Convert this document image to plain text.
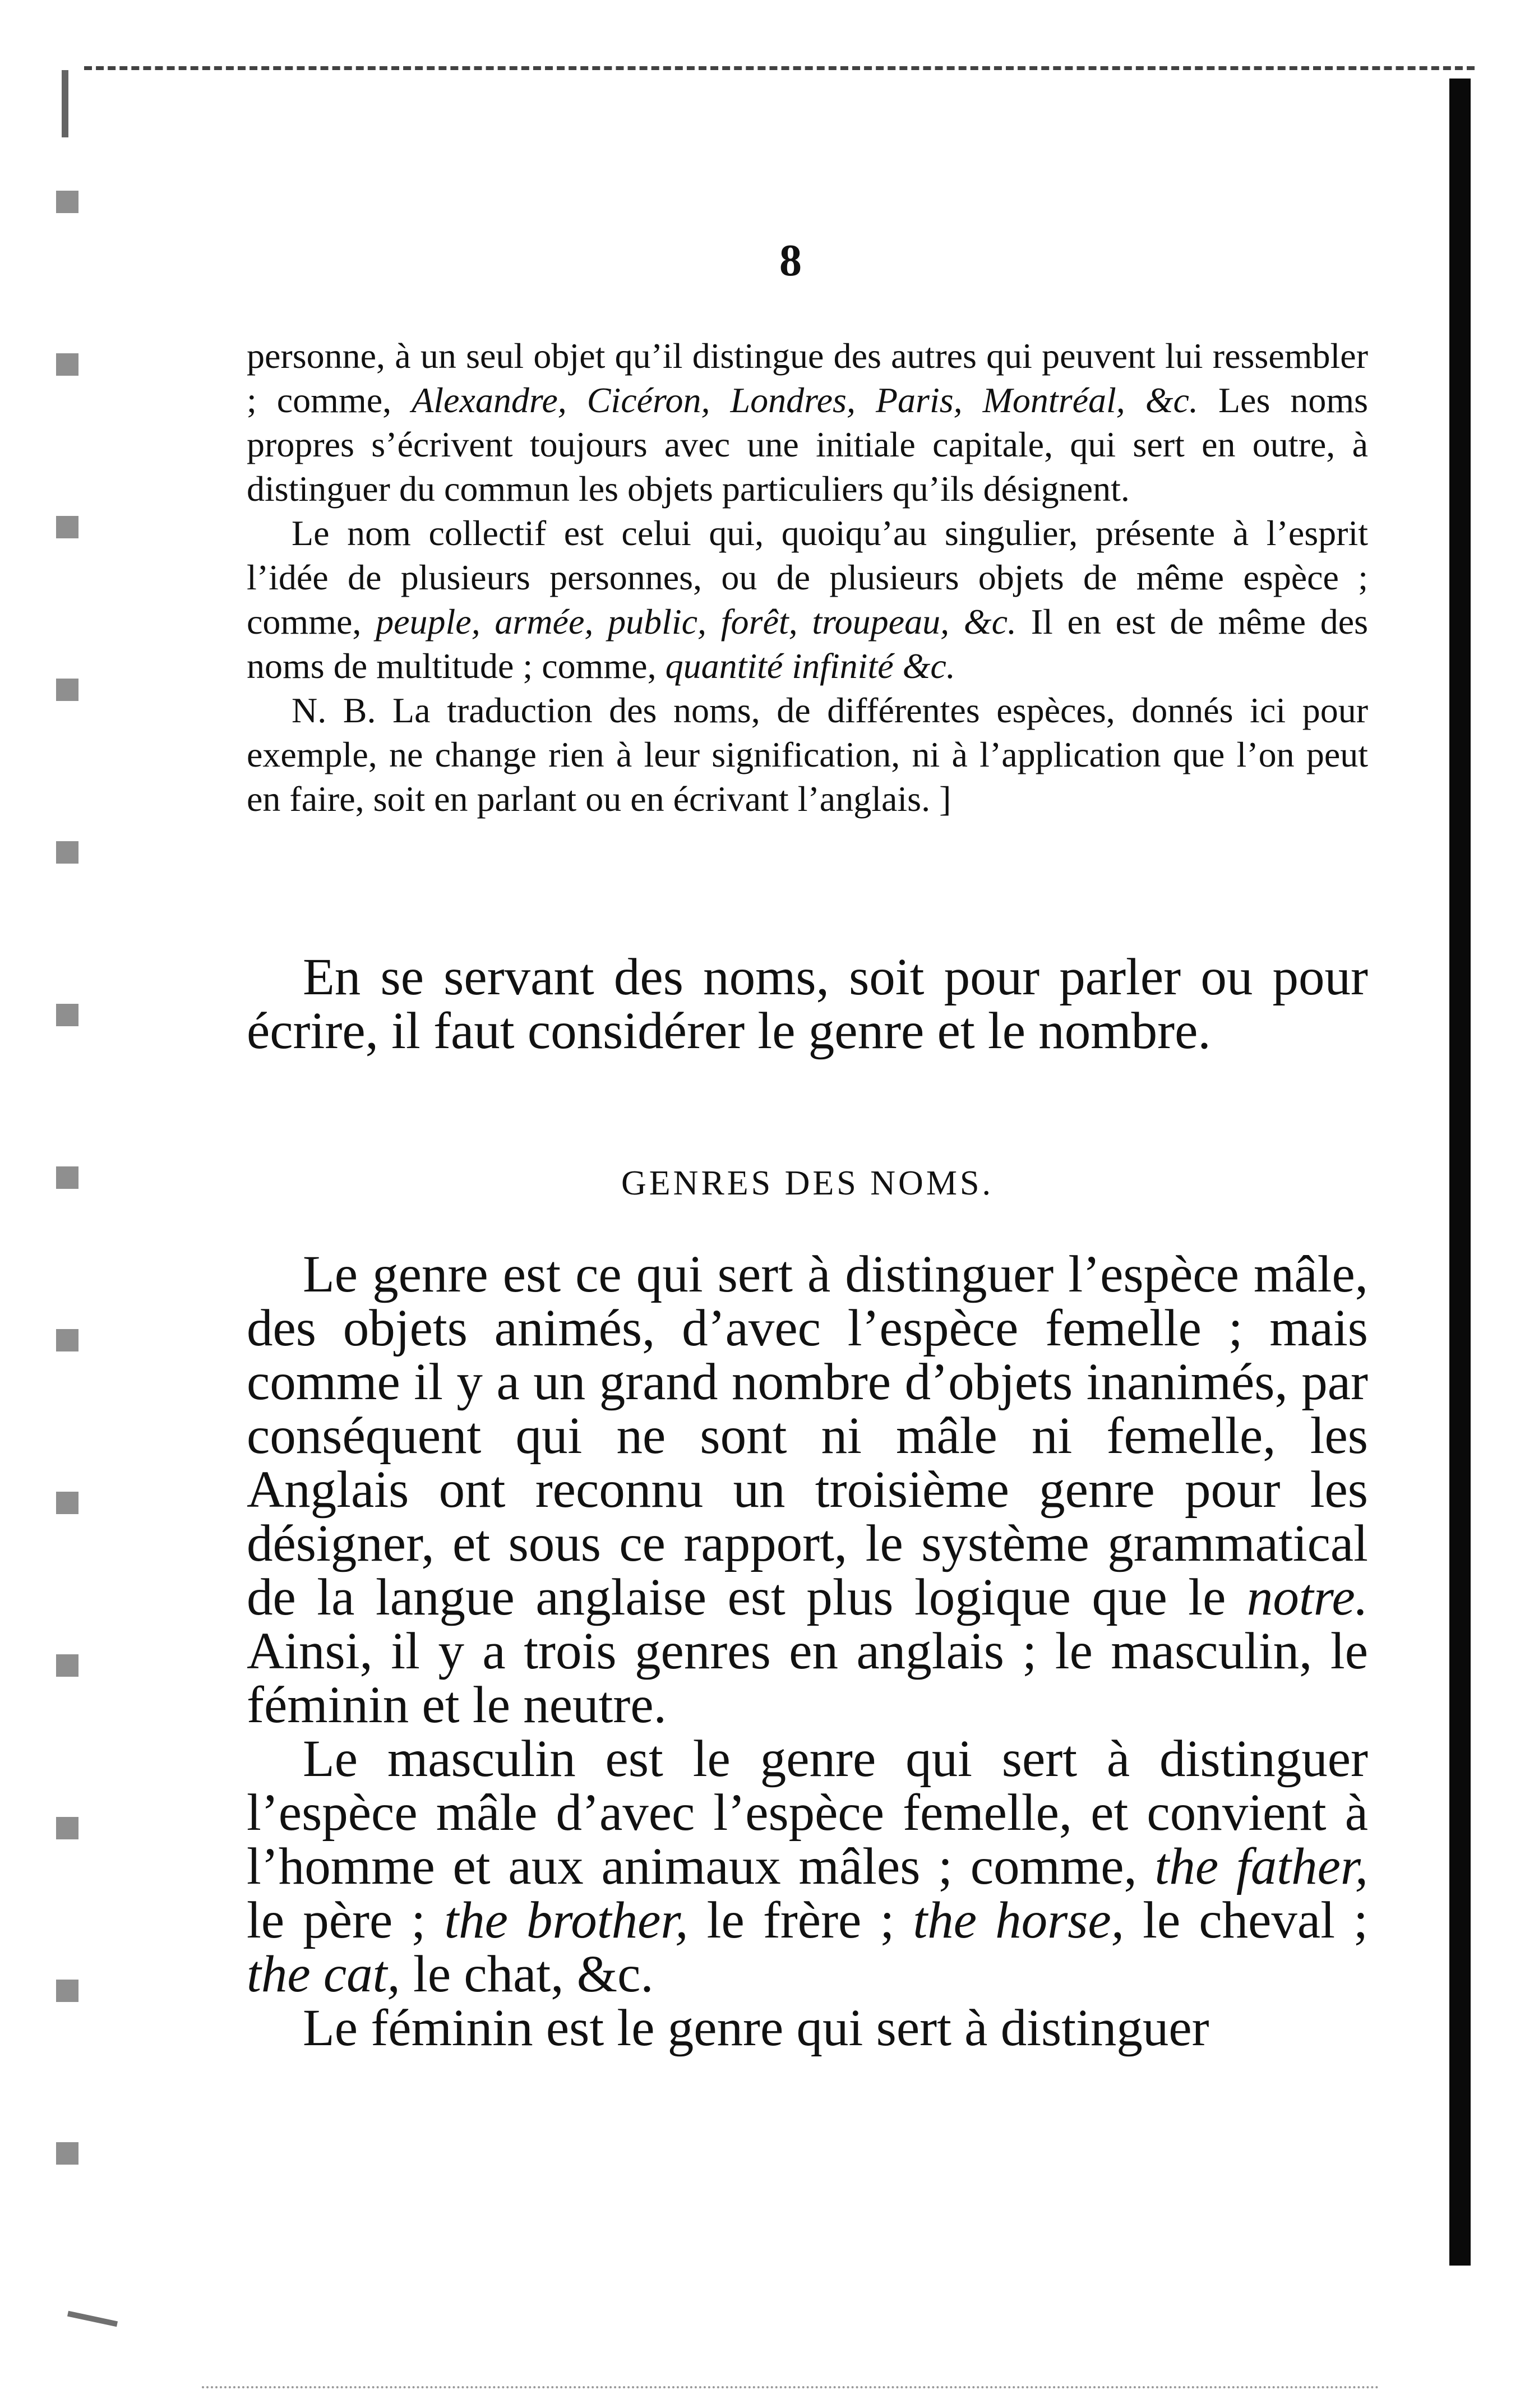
8

personne, à un seul objet qu’il distingue des autres qui peuvent lui ressembler ; comme, Alexandre, Cicéron, Londres, Paris, Montréal, &c. Les noms propres s’écrivent toujours avec une initiale capitale, qui sert en outre, à distinguer du commun les objets particuliers qu’ils désignent.

Le nom collectif est celui qui, quoiqu’au singulier, présente à l’esprit l’idée de plusieurs personnes, ou de plusieurs objets de même espèce ; comme, peuple, armée, public, forêt, troupeau, &c. Il en est de même des noms de multitude ; comme, quantité infinité &c.

N. B. La traduction des noms, de différentes espèces, donnés ici pour exemple, ne change rien à leur signification, ni à l’application que l’on peut en faire, soit en parlant ou en écrivant l’anglais. ]

En se servant des noms, soit pour parler ou pour écrire, il faut considérer le genre et le nombre.

GENRES DES NOMS.

Le genre est ce qui sert à distinguer l’espèce mâle, des objets animés, d’avec l’espèce femelle ; mais comme il y a un grand nombre d’objets inanimés, par conséquent qui ne sont ni mâle ni femelle, les Anglais ont reconnu un troisième genre pour les désigner, et sous ce rapport, le système grammatical de la langue anglaise est plus logique que le notre. Ainsi, il y a trois genres en anglais ; le masculin, le féminin et le neutre.

Le masculin est le genre qui sert à distinguer l’espèce mâle d’avec l’espèce femelle, et convient à l’homme et aux animaux mâles ; comme, the father, le père ; the brother, le frère ; the horse, le cheval ; the cat, le chat, &c.

Le féminin est le genre qui sert à distinguer
